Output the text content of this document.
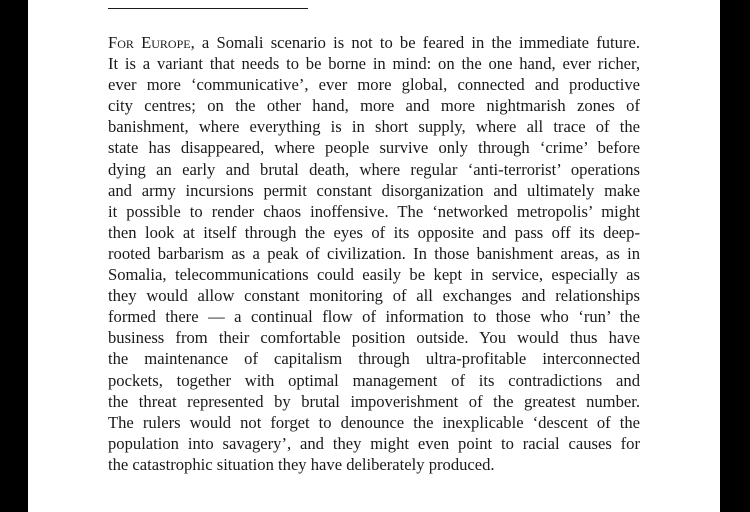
For Europe, a Somali scenario is not to be feared in the immediate future.
It is a variant that needs to be borne in mind: on the one hand, ever richer,
ever more ‘communicative’, ever more global, connected and productive
city centres; on the other hand, more and more nightmarish zones of
banishment, where everything is in short supply, where all trace of the
state has disappeared, where people survive only through ‘crime’ before
dying an early and brutal death, where regular ‘anti-terrorist’ operations
and army incursions permit constant disorganization and ultimately make
it possible to render chaos inoffensive. The ‘networked metropolis’ might
then look at itself through the eyes of its opposite and pass off its deep-
rooted barbarism as a peak of civilization. In those banishment areas, as in
Somalia, telecommunications could easily be kept in service, especially as
they would allow constant monitoring of all exchanges and relationships
formed there — a continual flow of information to those who ‘run’ the
business from their comfortable position outside. You would thus have
the maintenance of capitalism through ultra-profitable interconnected
pockets, together with optimal management of its contradictions and
the threat represented by brutal impoverishment of the greatest number.
The rulers would not forget to denounce the inexplicable ‘descent of the
population into savagery’, and they might even point to racial causes for
the catastrophic situation they have deliberately produced.
